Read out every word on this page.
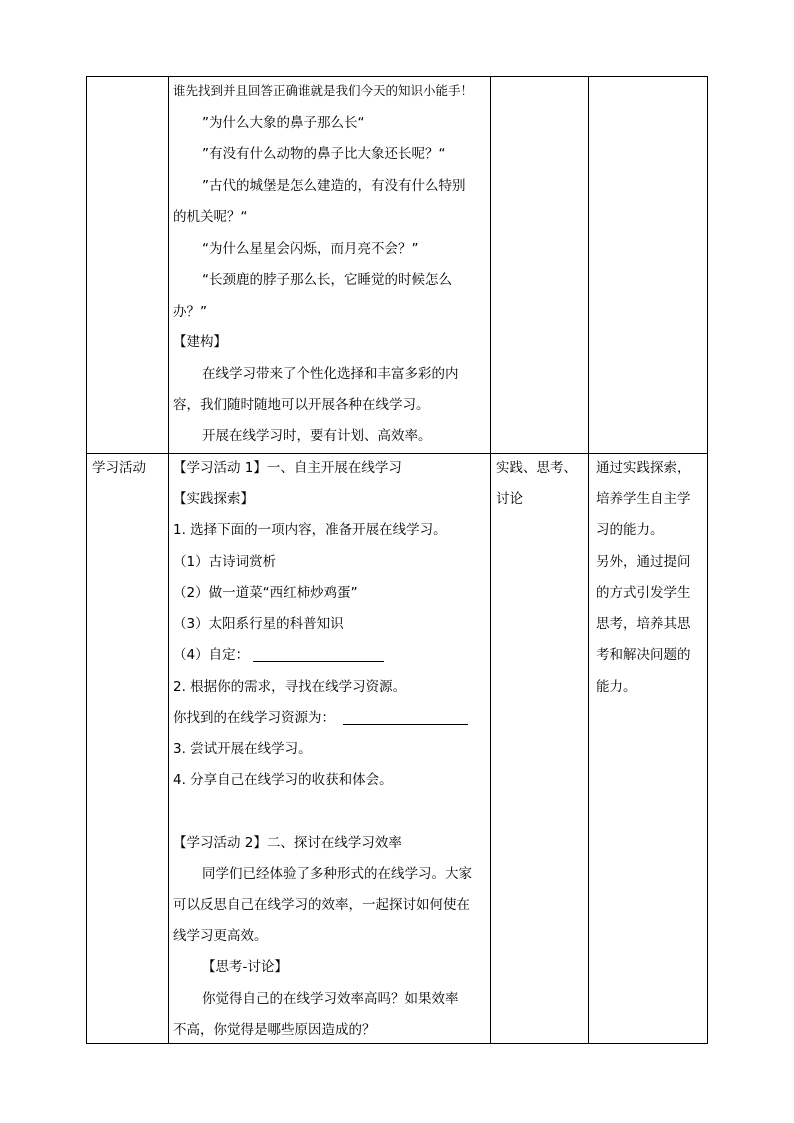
谁先找到并且回答正确谁就是我们今天的知识小能手！
”为什么大象的鼻子那么长“
”有没有什么动物的鼻子比大象还长呢？“
”古代的城堡是怎么建造的，有没有什么特别
的机关呢？“
“为什么星星会闪烁，而月亮不会？”
“长颈鹿的脖子那么长，它睡觉的时候怎么
办？”
【建构】
在线学习带来了个性化选择和丰富多彩的内
容，我们随时随地可以开展各种在线学习。
开展在线学习时，要有计划、高效率。
学习活动 【学习活动 1】一、自主开展在线学习
【实践探索】
1. 选择下面的一项内容，准备开展在线学习。
（1）古诗词赏析
（2）做一道菜“西红柿炒鸡蛋”
（3）太阳系行星的科普知识
（4）自定：
2. 根据你的需求，寻找在线学习资源。
你找到的在线学习资源为：
3. 尝试开展在线学习。
4. 分享自己在线学习的收获和体会。
【学习活动 2】二、探讨在线学习效率
同学们已经体验了多种形式的在线学习。大家
可以反思自己在线学习的效率，一起探讨如何使在
线学习更高效。
【思考-讨论】
你觉得自己的在线学习效率高吗？如果效率
不高，你觉得是哪些原因造成的？
实践、思考、
讨论
通过实践探索，
培养学生自主学
习的能力。
另外，通过提问
的方式引发学生
思考，培养其思
考和解决问题的
能力。
